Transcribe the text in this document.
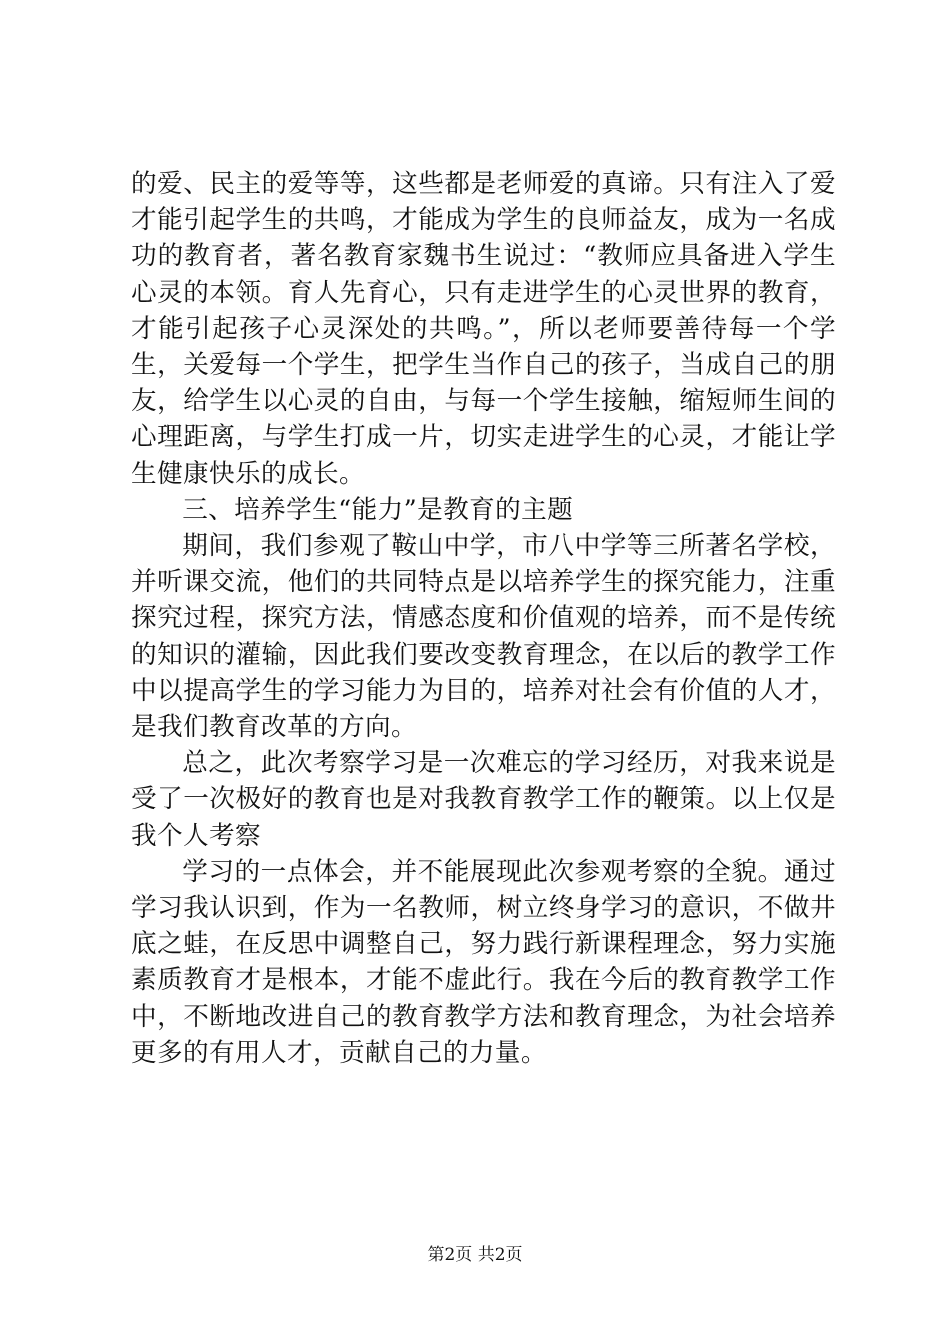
的爱、民主的爱等等，这些都是老师爱的真谛。只有注入了爱才能引起学生的共鸣，才能成为学生的良师益友，成为一名成功的教育者，著名教育家魏书生说过：“教师应具备进入学生心灵的本领。育人先育心，只有走进学生的心灵世界的教育，才能引起孩子心灵深处的共鸣。”，所以老师要善待每一个学生，关爱每一个学生，把学生当作自己的孩子，当成自己的朋友，给学生以心灵的自由，与每一个学生接触，缩短师生间的心理距离，与学生打成一片，切实走进学生的心灵，才能让学生健康快乐的成长。

三、培养学生“能力”是教育的主题

期间，我们参观了鞍山中学，市八中学等三所著名学校，并听课交流，他们的共同特点是以培养学生的探究能力，注重探究过程，探究方法，情感态度和价值观的培养，而不是传统的知识的灌输，因此我们要改变教育理念，在以后的教学工作中以提高学生的学习能力为目的，培养对社会有价值的人才，是我们教育改革的方向。

总之，此次考察学习是一次难忘的学习经历，对我来说是受了一次极好的教育也是对我教育教学工作的鞭策。以上仅是我个人考察

学习的一点体会，并不能展现此次参观考察的全貌。通过学习我认识到，作为一名教师，树立终身学习的意识，不做井底之蛙，在反思中调整自己，努力践行新课程理念，努力实施素质教育才是根本，才能不虚此行。我在今后的教育教学工作中，不断地改进自己的教育教学方法和教育理念，为社会培养更多的有用人才，贡献自己的力量。

第2页 共2页
